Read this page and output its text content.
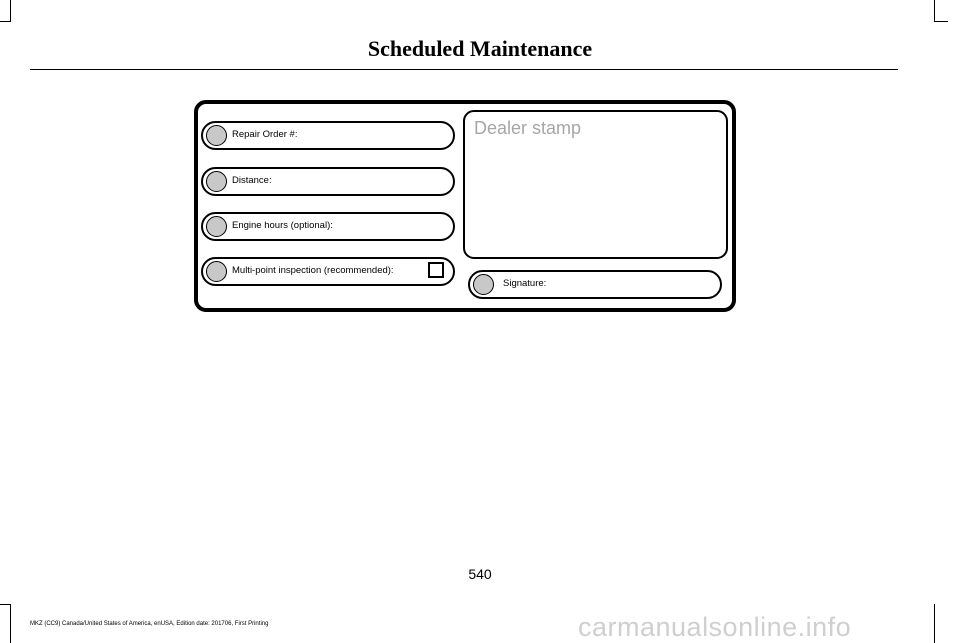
Scheduled Maintenance
Repair Order #:
Distance:
Engine hours (optional):
Multi-point inspection (recommended):
Dealer stamp
Signature:
540
MKZ (CC9) Canada/United States of America, enUSA, Edition date: 201706, First Printing	carmanualsonline.info
